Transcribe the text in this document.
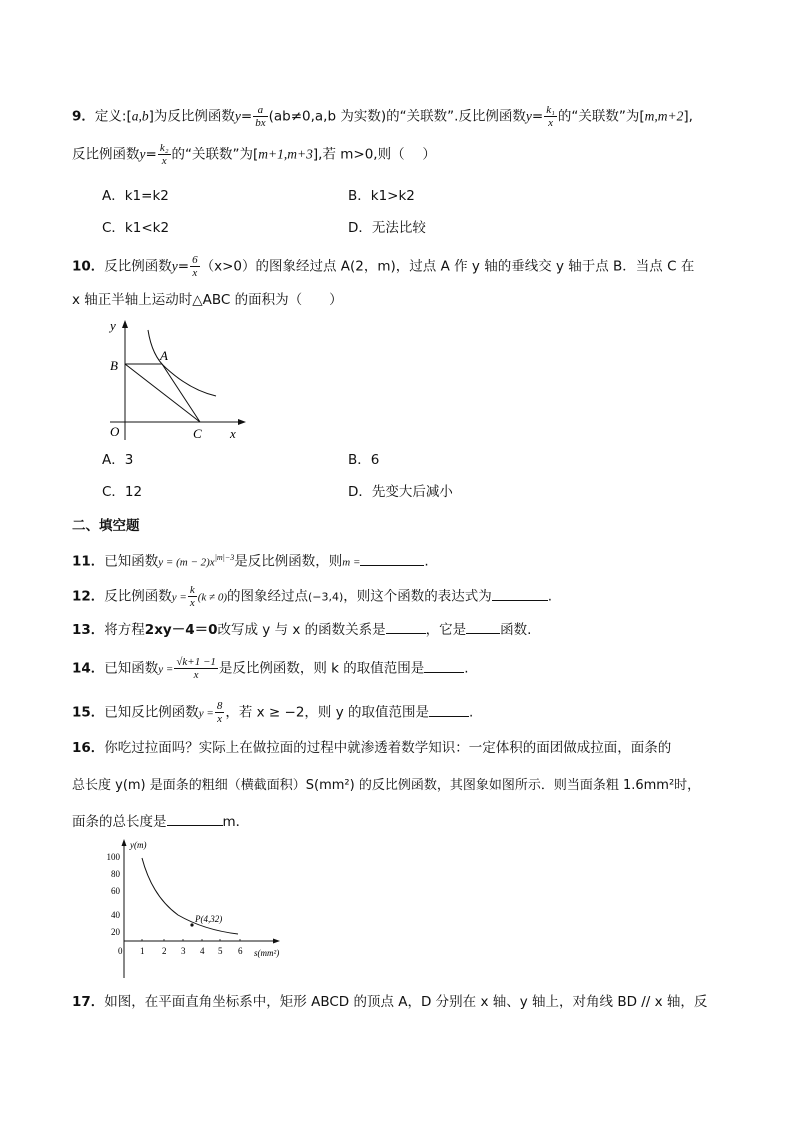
9．定义:[a,b]为反比例函数$y= \frac{a}{bx} (ab\ne 0,a,b$ 为实数)的“关联数”.反比例函数$y= \frac{\text{k₁}}{x}$ 的“关联数”为[m,m+2],
反比例函数$y= \frac{\text{k₂}}{x}$ 的“关联数”为[m+1,m+3],若 m>0,则（　 ）
A．k1=k2	B．k1>k2
C．k1<k2	D．无法比较
10．反比例函数$y= \frac{6}{x} (x>0)$的图象经过点 A(2，m)，过点 A 作 y 轴的垂线交 y 轴于点 B．当点 C 在
x 轴正半轴上运动时△ABC 的面积为（　　）
y
x
B
A
O	C
A．3	B．6
C．12	D．先变大后减小
二、填空题
11．已知函数$y = (m - 2)x^{|m|-3}$是反比例函数，则m =	.
12．反比例函数$y = \frac{k}{x} (k \ne 0)$的图象经过点(−3,4)，则这个函数的表达式为	.
13．将方程2xy－4＝0改写成 y 与 x 的函数关系是	，它是	函数.
14．已知函数$y = \frac{√k+1 -1}{x}$ 是反比例函数，则 k 的取值范围是	.
15．已知反比例函数$y = \frac{8}{x}$ ，若 x ≥ −2，则 y 的取值范围是	.
16．你吃过拉面吗？实际上在做拉面的过程中就渗透着数学知识：一定体积的面团做成拉面，面条的
总长度 y(m) 是面条的粗细（横截面积）S(mm²) 的反比例函数，其图象如图所示．则当面条粗 1.6mm²时，
面条的总长度是	m．
y(m)
s(mm²)
100
80
60
40
20
0 1 2 3 4 5 6
P(4,32)
17．如图，在平面直角坐标系中，矩形 ABCD 的顶点 A，D 分别在 x 轴、y 轴上，对角线 BD // x 轴，反
